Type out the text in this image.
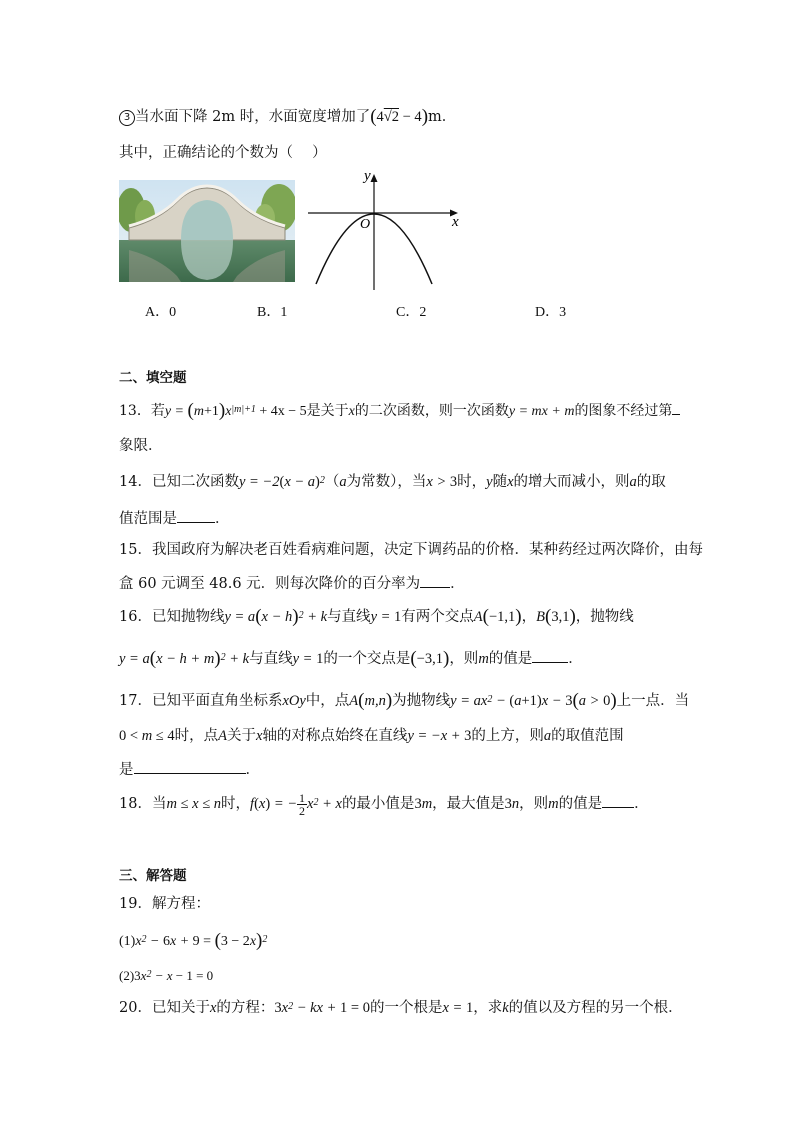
3 当水面下降 2m 时，水面宽度增加了(4√2 − 4)m．
其中，正确结论的个数为（　 ）
y
x
O
A．0	B．1	C．2	D．3
二、填空题
13．若$y = (m+1)x^{|m|+1} + 4x - 5$是关于x的二次函数，则一次函数y = mx + m的图象不经过第
象限．
14．已知二次函数$y = -2(x - a)^2(a$为常数），当x > 3时，y随x的增大而减小，则a的取
值范围是	．
15．我国政府为解决老百姓看病难问题，决定下调药品的价格．某种药经过两次降价，由每
盒 60 元调至 48.6 元．则每次降价的百分率为 ．
16．已知抛物线$y = a(x - h)^2 + k$与直线y = 1有两个交点A(−1,1)，B(3,1)，抛物线
$y = a(x - h + m)^2 + k$与直线y = 1的一个交点是(−3,1)，则m的值是 ．
17．已知平面直角坐标系xOy中，点A(m,n)为抛物线$y = ax^2 - (a+1)x - 3(a > 0)$上一点．当
0 < m ≤ 4时，点A关于x轴的对称点始终在直线y = −x + 3的上方，则a的取值范围
是	．
18．当m ≤ x ≤ n时，f(x) = − $\frac{1}{2} x^2 + x$的最小值是3m，最大值是3n，则m的值是 ．
三、解答题
19．解方程：
$(1)x^2 - 6x + 9 = (3 - 2x)^2$
$(2)3x^2 - x - 1 = 0$
20．已知关于x的方程：$3x^2$ − kx + 1 = 0的一个根是x = 1，求k的值以及方程的另一个根．
